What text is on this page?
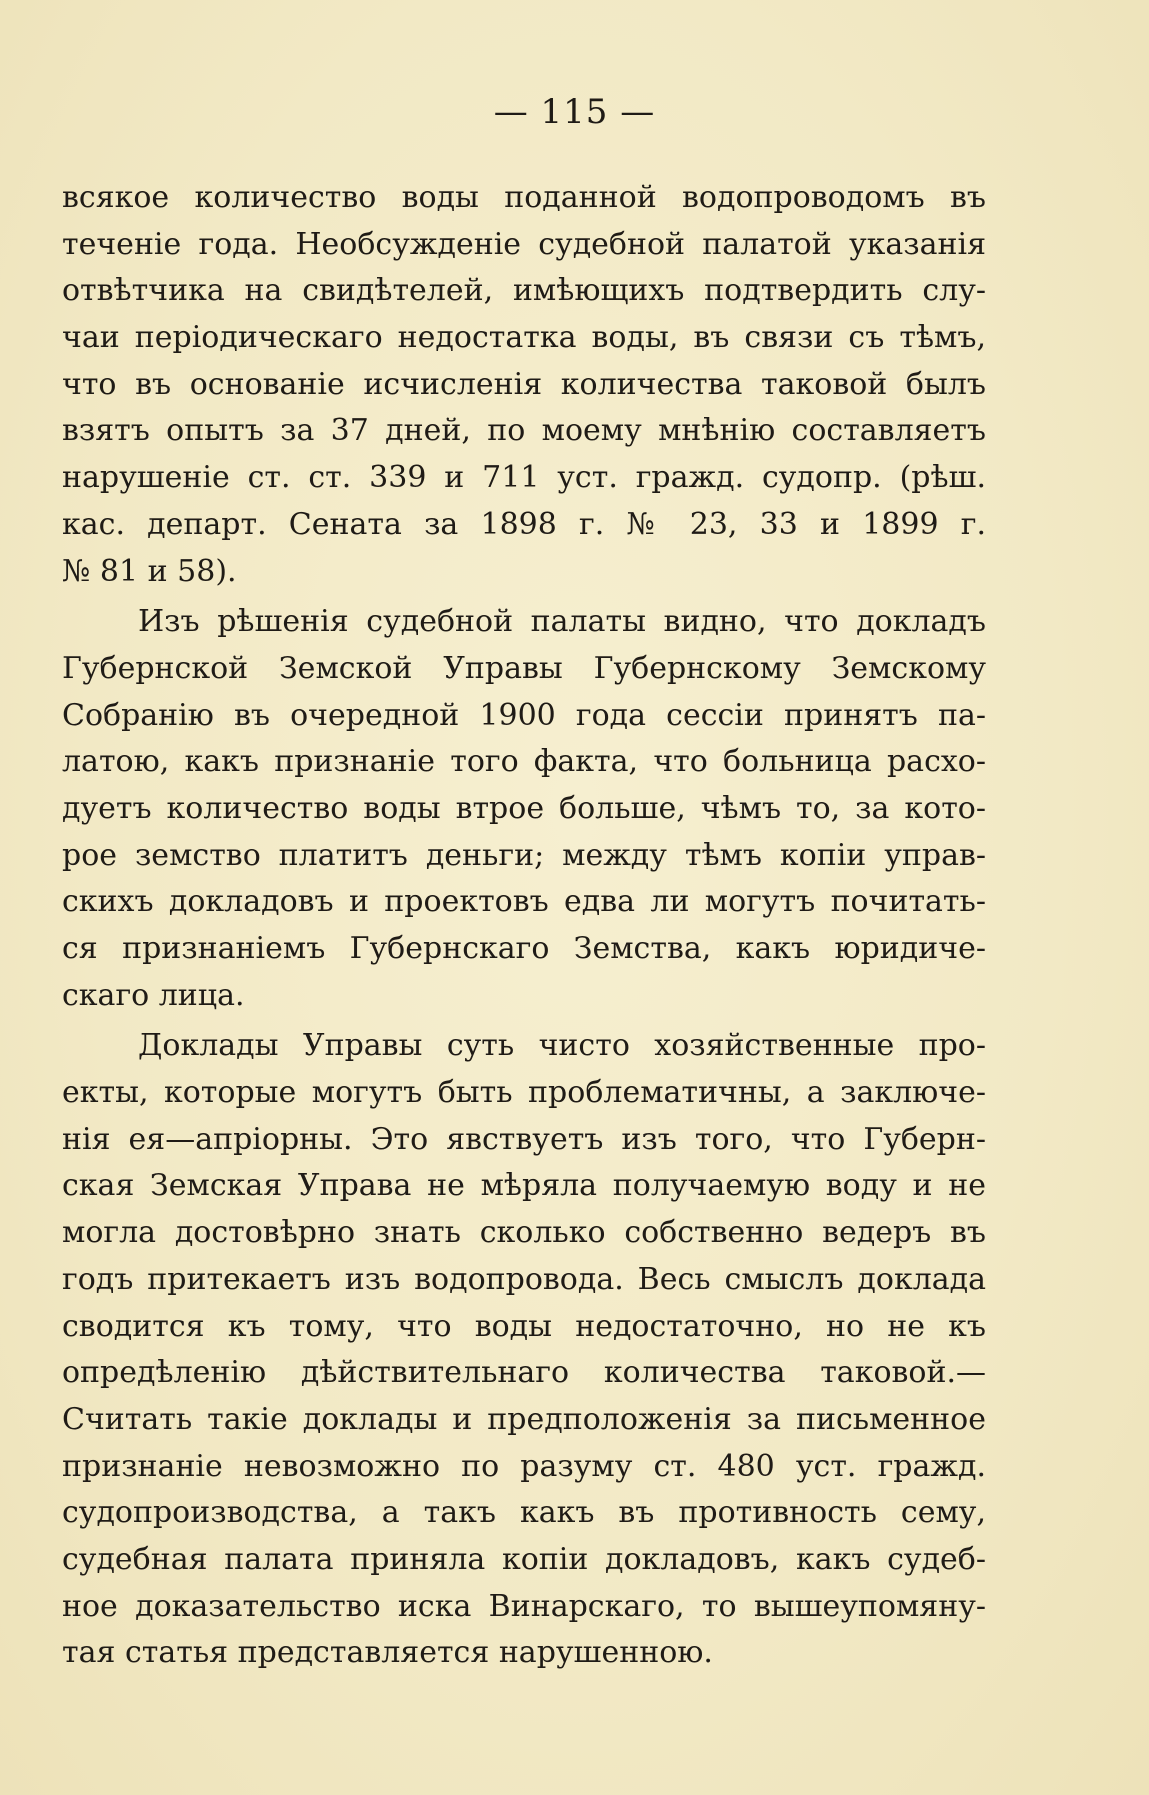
— 115 —
всякое количество воды поданной водопроводомъ въ
теченіе года. Необсужденіе судебной палатой указанія
отвѣтчика на свидѣтелей, имѣющихъ подтвердить слу-
чаи періодическаго недостатка воды, въ связи съ тѣмъ,
что въ основаніе исчисленія количества таковой былъ
взятъ опытъ за 37 дней, по моему мнѣнію составляетъ
нарушеніе ст. ст. 339 и 711 уст. гражд. судопр. (рѣш.
кас. департ. Сената за 1898 г. № 23, 33 и 1899 г.
№ 81 и 58).
Изъ рѣшенія судебной палаты видно, что докладъ
Губернской Земской Управы Губернскому Земскому
Собранію въ очередной 1900 года сессіи принятъ па-
латою, какъ признаніе того факта, что больница расхо-
дуетъ количество воды втрое больше, чѣмъ то, за кото-
рое земство платитъ деньги; между тѣмъ копіи управ-
скихъ докладовъ и проектовъ едва ли могутъ почитать-
ся признаніемъ Губернскаго Земства, какъ юридиче-
скаго лица.
Доклады Управы суть чисто хозяйственные про-
екты, которые могутъ быть проблематичны, а заключе-
нія ея—апріорны. Это явствуетъ изъ того, что Губерн-
ская Земская Управа не мѣряла получаемую воду и не
могла достовѣрно знать сколько собственно ведеръ въ
годъ притекаетъ изъ водопровода. Весь смыслъ доклада
сводится къ тому, что воды недостаточно, но не къ
опредѣленію дѣйствительнаго количества таковой.—
Считать такіе доклады и предположенія за письменное
признаніе невозможно по разуму ст. 480 уст. гражд.
судопроизводства, а такъ какъ въ противность сему,
судебная палата приняла копіи докладовъ, какъ судеб-
ное доказательство иска Винарскаго, то вышеупомяну-
тая статья представляется нарушенною.
